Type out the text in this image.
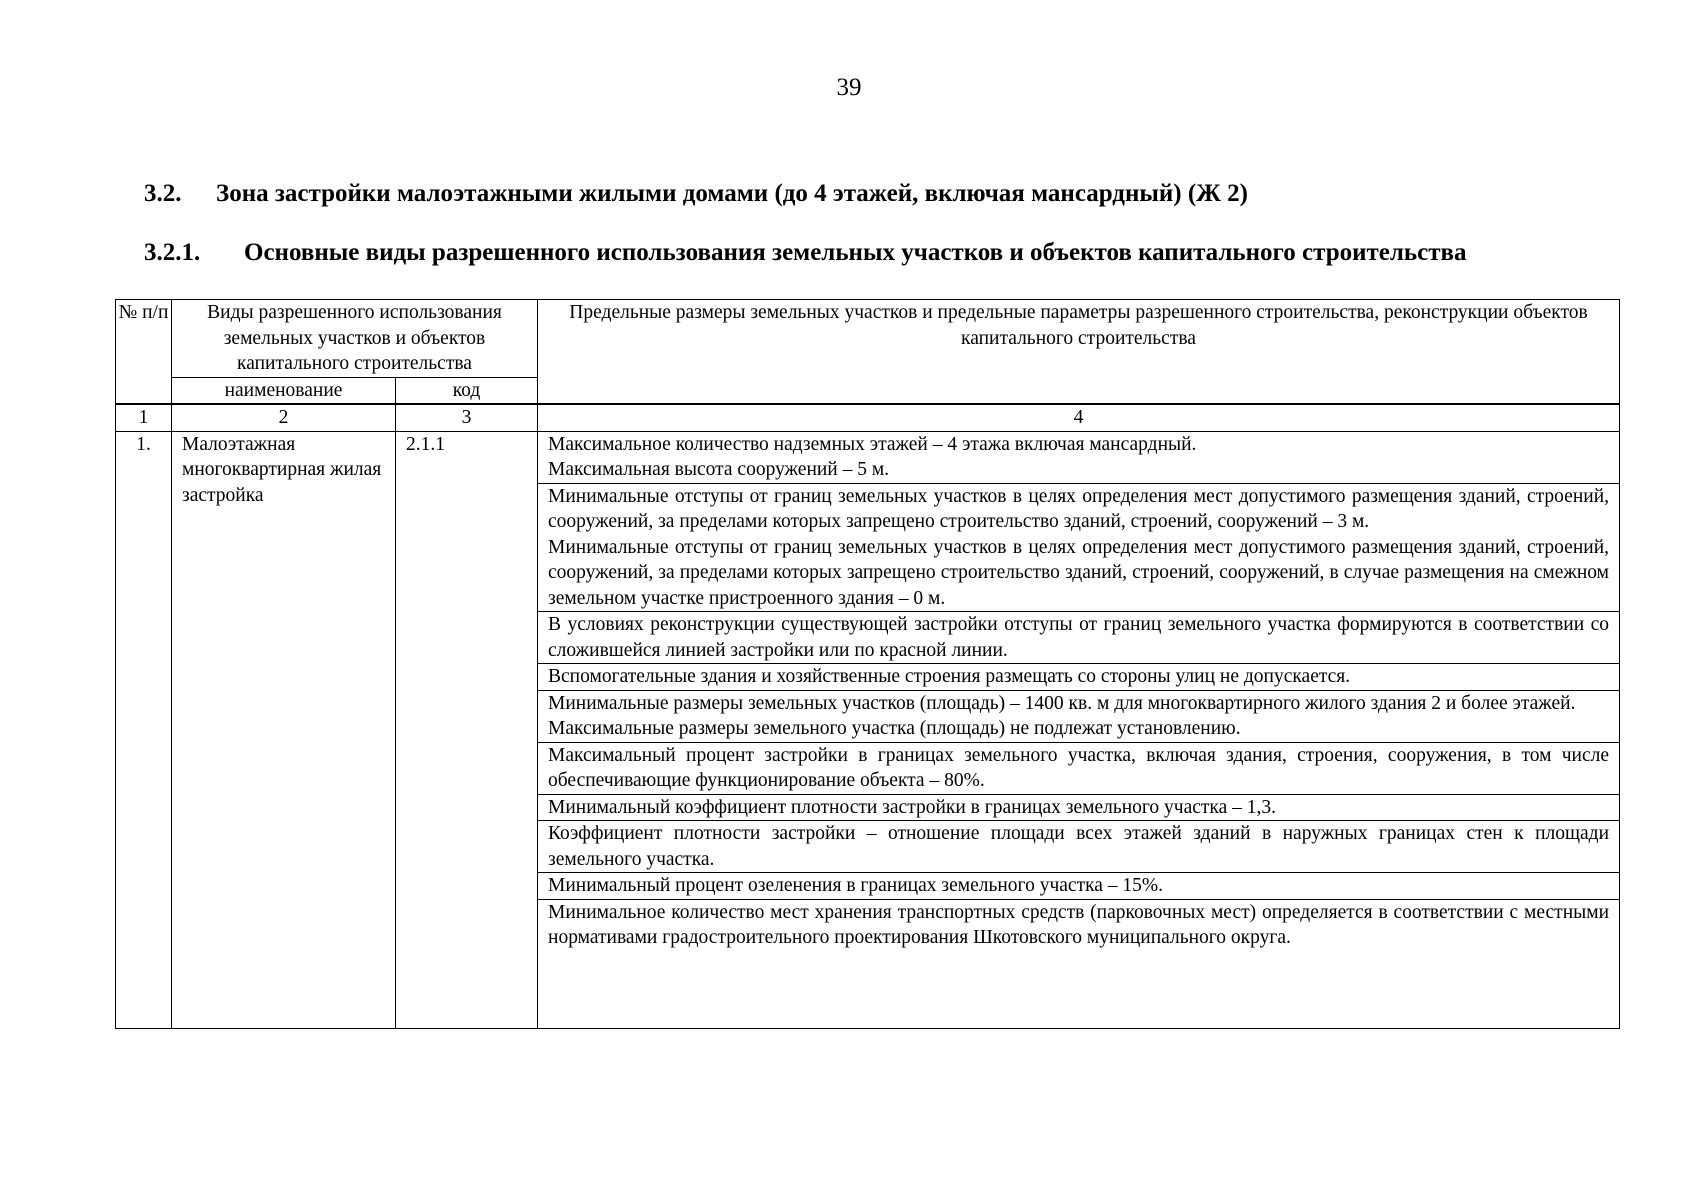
39
3.2. Зона застройки малоэтажными жилыми домами (до 4 этажей, включая мансардный) (Ж 2)
3.2.1. Основные виды разрешенного использования земельных участков и объектов капитального строительства
№ п/п	Виды разрешенного использования земельных участков и объектов капитального строительства		Предельные размеры земельных участков и предельные параметры разрешенного строительства, реконструкции объектов капитального строительства
	наименование	код	

1	2	3	4
1.	Малоэтажная многоквартирная жилая застройка	2.1.1	Максимальное количество надземных этажей – 4 этажа включая мансардный.

Максимальная высота сооружений – 5 м.

			Минимальные отступы от границ земельных участков в целях определения мест допустимого размещения зданий, строений, сооружений, за пределами которых запрещено строительство зданий, строений, сооружений – 3 м.

Минимальные отступы от границ земельных участков в целях определения мест допустимого размещения зданий, строений, сооружений, за пределами которых запрещено строительство зданий, строений, сооружений, в случае размещения на смежном земельном участке пристроенного здания – 0 м.

			В условиях реконструкции существующей застройки отступы от границ земельного участка формируются в соответствии со сложившейся линией застройки или по красной линии.

			Вспомогательные здания и хозяйственные строения размещать со стороны улиц не допускается.

			Минимальные размеры земельных участков (площадь) – 1400 кв. м для многоквартирного жилого здания 2 и более этажей.

Максимальные размеры земельного участка (площадь) не подлежат установлению.

			Максимальный процент застройки в границах земельного участка, включая здания, строения, сооружения, в том числе обеспечивающие функционирование объекта – 80%.

			Минимальный коэффициент плотности застройки в границах земельного участка – 1,3.

			Коэффициент плотности застройки – отношение площади всех этажей зданий в наружных границах стен к площади земельного участка.

			Минимальный процент озеленения в границах земельного участка – 15%.

			Минимальное количество мест хранения транспортных средств (парковочных мест) определяется в соответствии с местными нормативами градостроительного проектирования Шкотовского муниципального округа.
